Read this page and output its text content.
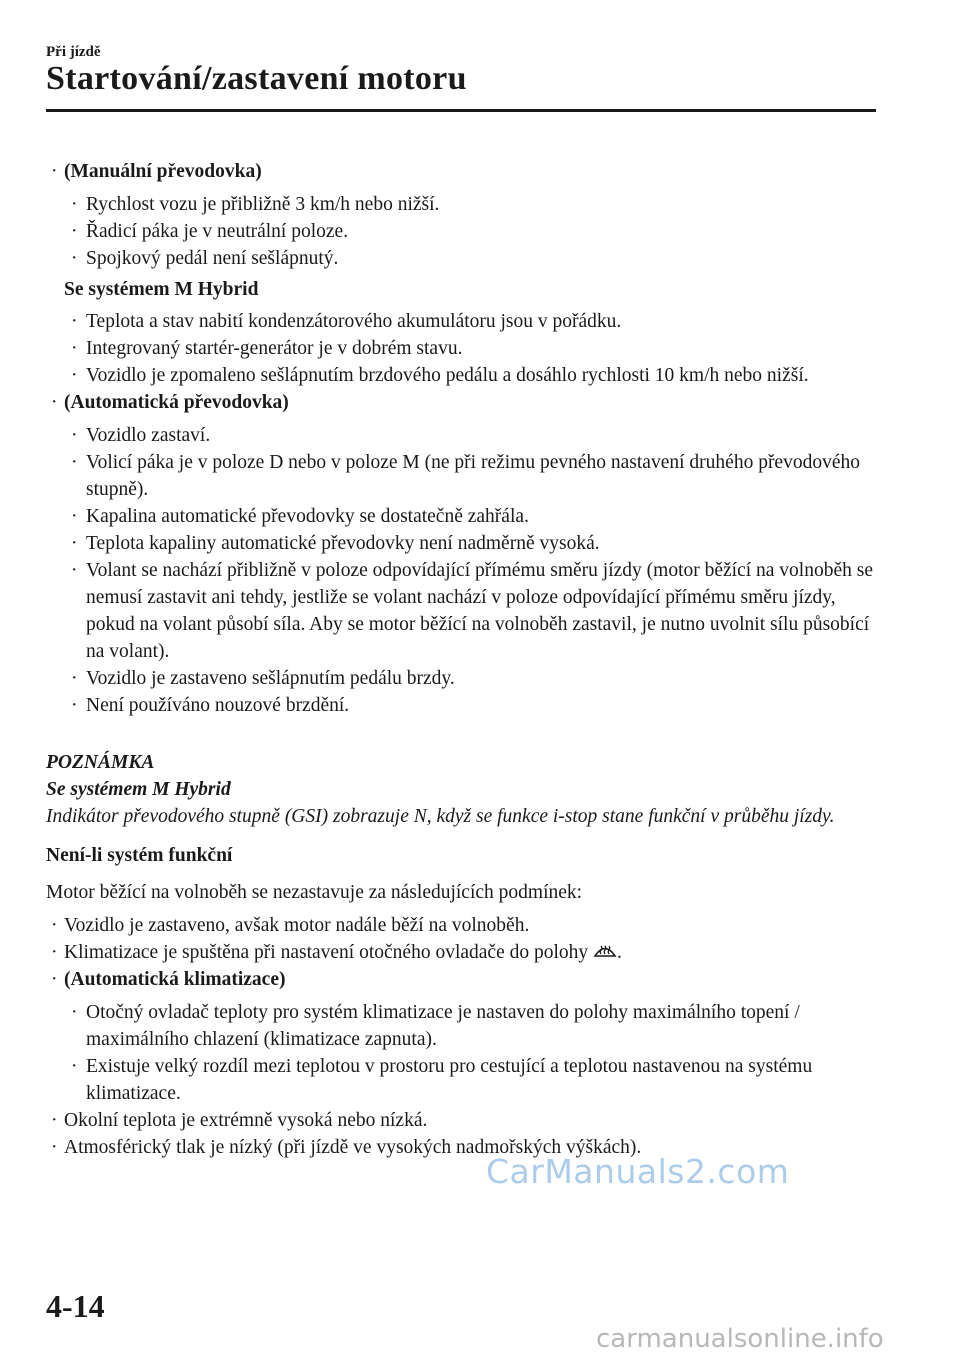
Při jízdě
Startování/zastavení motoru
· (Manuální převodovka)
· Rychlost vozu je přibližně 3 km/h nebo nižší.
· Řadicí páka je v neutrální poloze.
· Spojkový pedál není sešlápnutý.
Se systémem M Hybrid
· Teplota a stav nabití kondenzátorového akumulátoru jsou v pořádku.
· Integrovaný startér-generátor je v dobrém stavu.
· Vozidlo je zpomaleno sešlápnutím brzdového pedálu a dosáhlo rychlosti 10 km/h nebo nižší.
· (Automatická převodovka)
· Vozidlo zastaví.
· Volicí páka je v poloze D nebo v poloze M (ne při režimu pevného nastavení druhého převodového stupně).
· Kapalina automatické převodovky se dostatečně zahřála.
· Teplota kapaliny automatické převodovky není nadměrně vysoká.
· Volant se nachází přibližně v poloze odpovídající přímému směru jízdy (motor běžící na volnoběh se nemusí zastavit ani tehdy, jestliže se volant nachází v poloze odpovídající přímému směru jízdy, pokud na volant působí síla. Aby se motor běžící na volnoběh zastavil, je nutno uvolnit sílu působící na volant).
· Vozidlo je zastaveno sešlápnutím pedálu brzdy.
· Není používáno nouzové brzdění.
POZNÁMKA
Se systémem M Hybrid
Indikátor převodového stupně (GSI) zobrazuje N, když se funkce i-stop stane funkční v průběhu jízdy.
Není-li systém funkční
Motor běžící na volnoběh se nezastavuje za následujících podmínek:
· Vozidlo je zastaveno, avšak motor nadále běží na volnoběh.
· Klimatizace je spuštěna při nastavení otočného ovladače do polohy .
· (Automatická klimatizace)
· Otočný ovladač teploty pro systém klimatizace je nastaven do polohy maximálního topení / maximálního chlazení (klimatizace zapnuta).
· Existuje velký rozdíl mezi teplotou v prostoru pro cestující a teplotou nastavenou na systému klimatizace.
· Okolní teplota je extrémně vysoká nebo nízká.
· Atmosférický tlak je nízký (při jízdě ve vysokých nadmořských výškách).
4-14
CarManuals2.com
carmanualsonline.info
